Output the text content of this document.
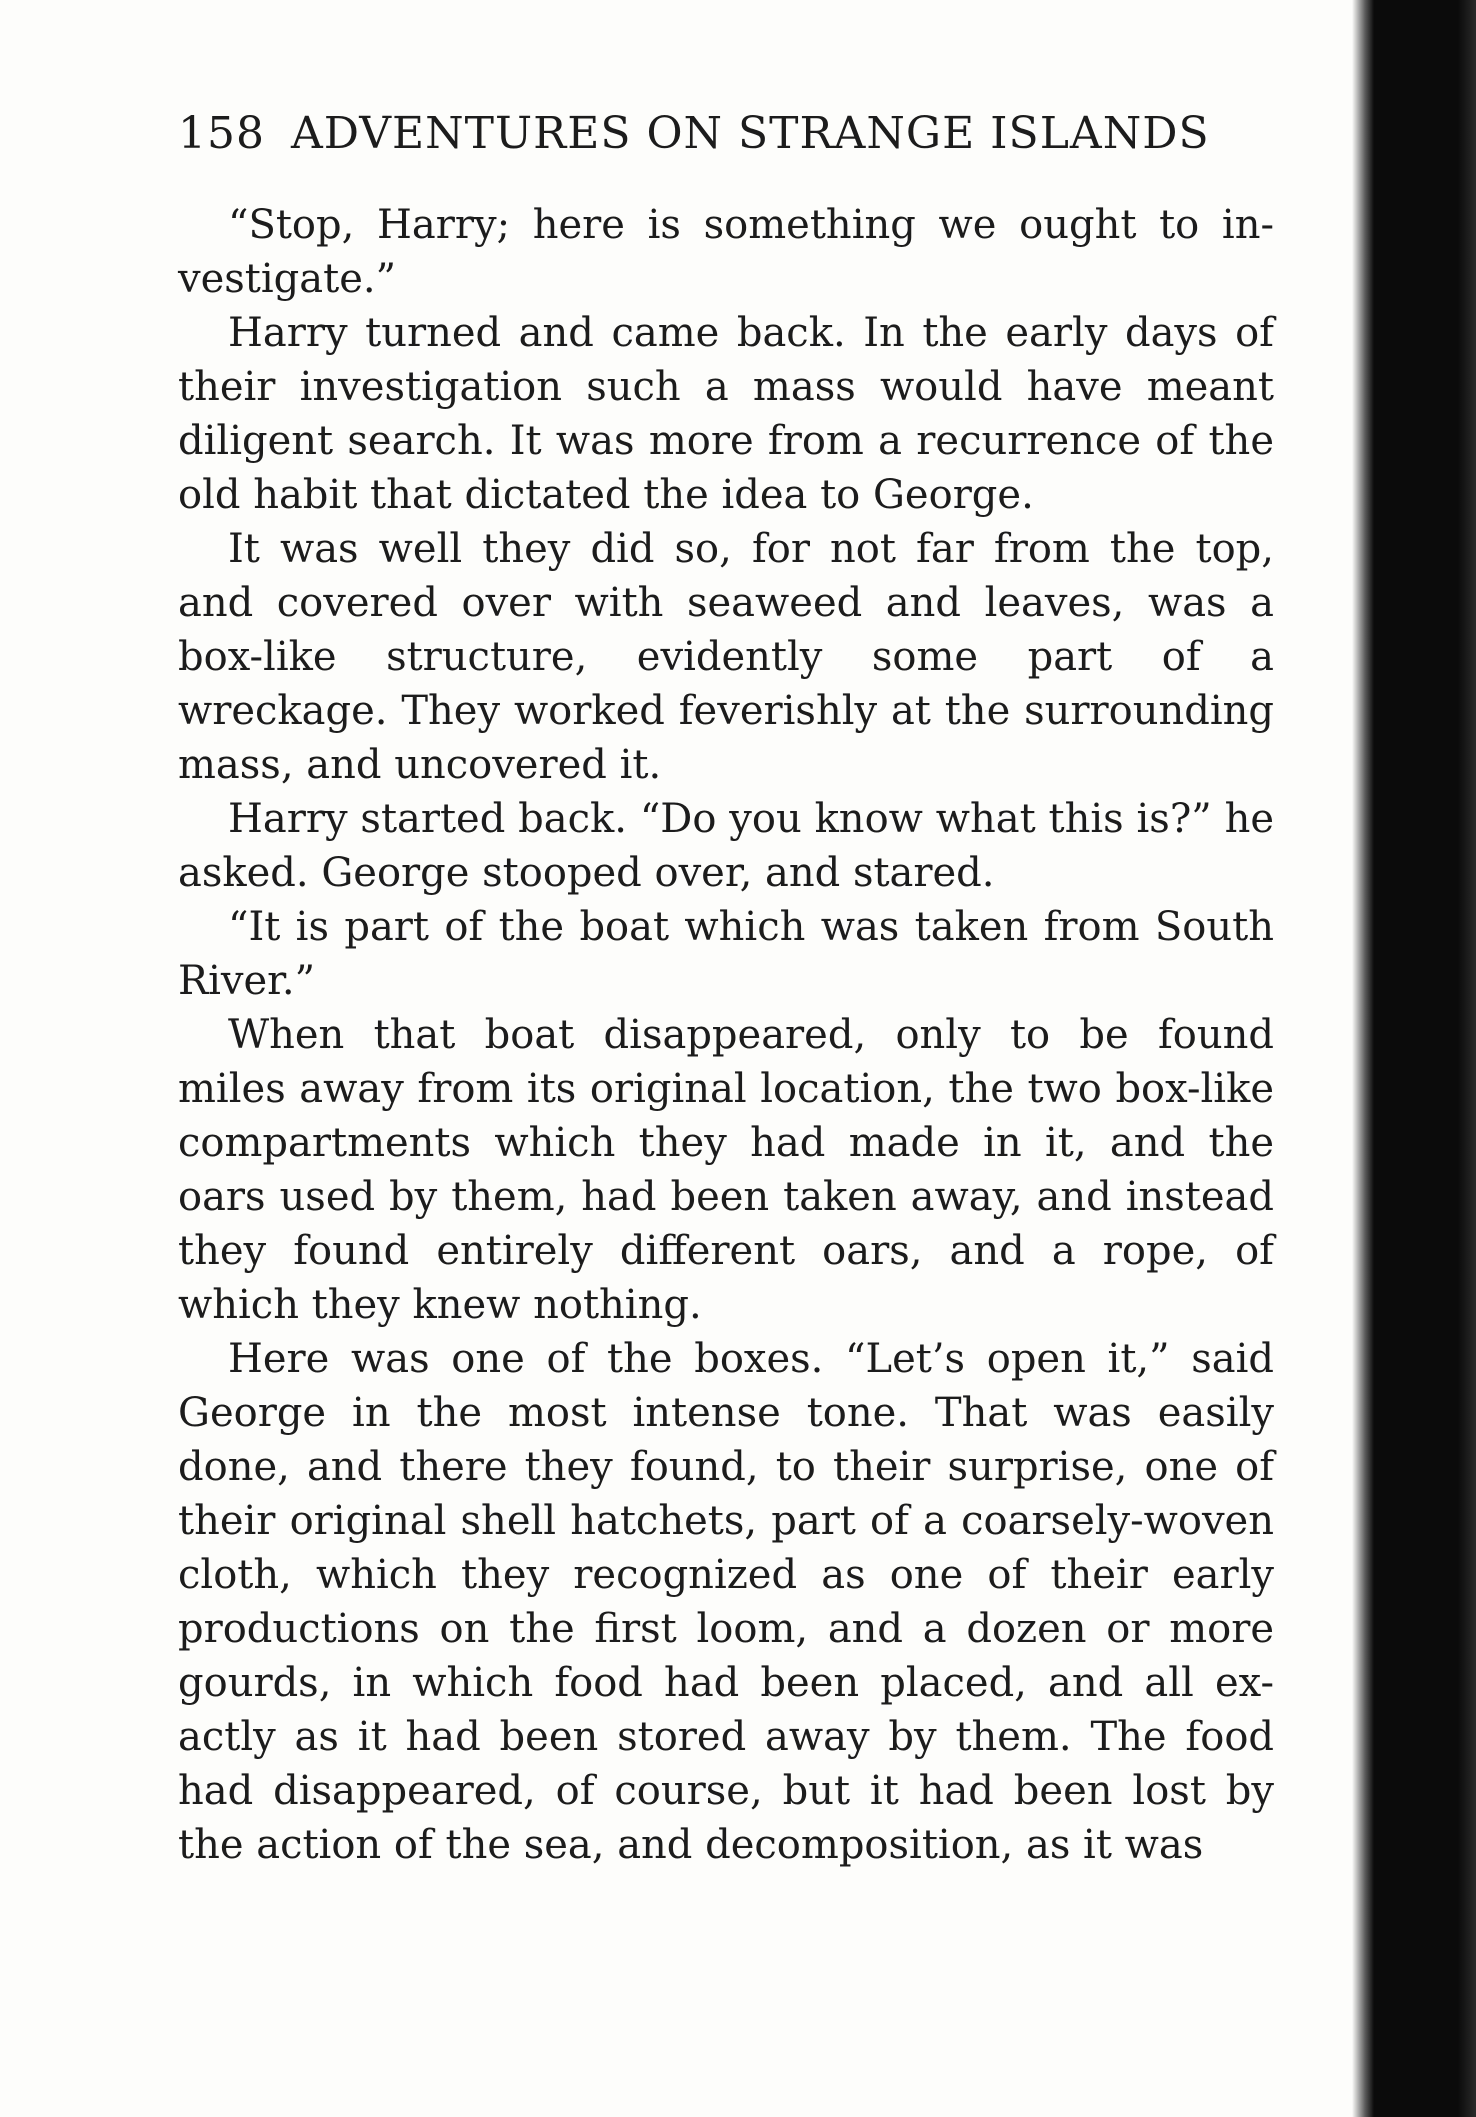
158 ADVENTURES ON STRANGE ISLANDS

“Stop, Harry; here is something we ought to in-vestigate.”

Harry turned and came back. In the early days of their investigation such a mass would have meant diligent search. It was more from a recurrence of the old habit that dictated the idea to George.

It was well they did so, for not far from the top, and covered over with seaweed and leaves, was a box-like structure, evidently some part of a wreckage. They worked feverishly at the surrounding mass, and uncovered it.

Harry started back. “Do you know what this is?” he asked. George stooped over, and stared.

“It is part of the boat which was taken from South River.”

When that boat disappeared, only to be found miles away from its original location, the two box-like compartments which they had made in it, and the oars used by them, had been taken away, and instead they found entirely different oars, and a rope, of which they knew nothing.

Here was one of the boxes. “Let’s open it,” said George in the most intense tone. That was easily done, and there they found, to their surprise, one of their original shell hatchets, part of a coarsely-woven cloth, which they recognized as one of their early productions on the first loom, and a dozen or more gourds, in which food had been placed, and all ex-actly as it had been stored away by them. The food had disappeared, of course, but it had been lost by the action of the sea, and decomposition, as it was
